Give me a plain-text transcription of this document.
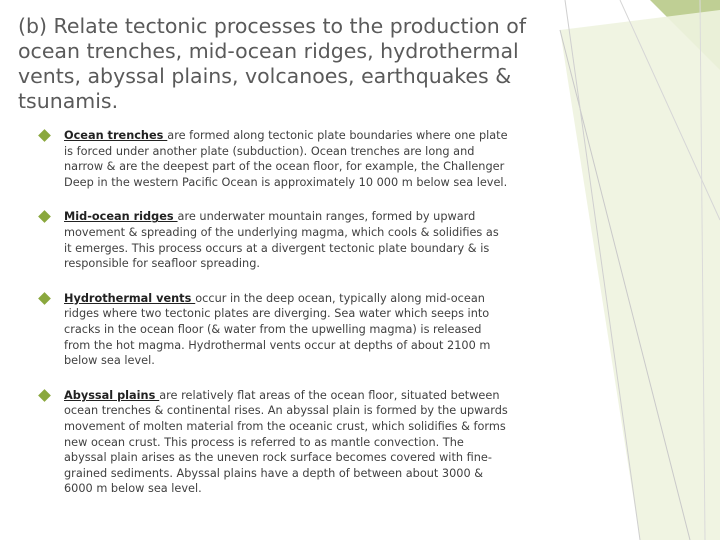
(b) Relate tectonic processes to the production of ocean trenches, mid-ocean ridges, hydrothermal vents, abyssal plains, volcanoes, earthquakes & tsunamis.
Ocean trenches are formed along tectonic plate boundaries where one plate is forced under another plate (subduction). Ocean trenches are long and narrow & are the deepest part of the ocean floor, for example, the Challenger Deep in the western Pacific Ocean is approximately 10 000 m below sea level.
Mid-ocean ridges are underwater mountain ranges, formed by upward movement & spreading of the underlying magma, which cools & solidifies as it emerges. This process occurs at a divergent tectonic plate boundary & is responsible for seafloor spreading.
Hydrothermal vents occur in the deep ocean, typically along mid-ocean ridges where two tectonic plates are diverging. Sea water which seeps into cracks in the ocean floor (& water from the upwelling magma) is released from the hot magma. Hydrothermal vents occur at depths of about 2100 m below sea level.
Abyssal plains are relatively flat areas of the ocean floor, situated between ocean trenches & continental rises. An abyssal plain is formed by the upwards movement of molten material from the oceanic crust, which solidifies & forms new ocean crust. This process is referred to as mantle convection. The abyssal plain arises as the uneven rock surface becomes covered with fine-grained sediments. Abyssal plains have a depth of between about 3000 & 6000 m below sea level.
